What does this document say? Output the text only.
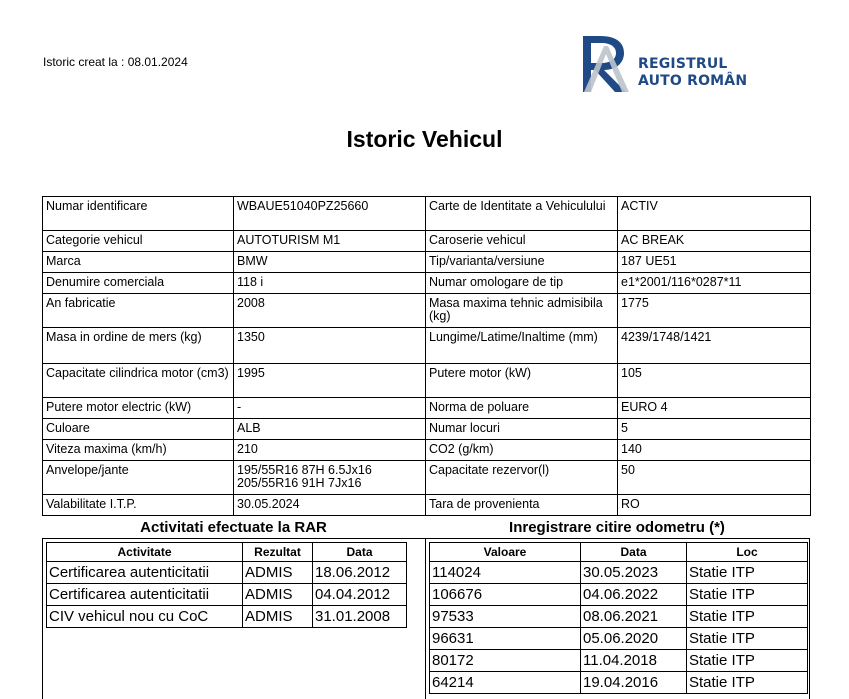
Istoric creat la : 08.01.2024	REGISTRUL
AUTO ROMÂN
Istoric Vehicul
Numar identificare	WBAUE51040PZ25660	Carte de Identitate a Vehiculului	ACTIV
Categorie vehicul	AUTOTURISM M1	Caroserie vehicul	AC BREAK
Marca	BMW	Tip/varianta/versiune	187 UE51
Denumire comerciala	118 i	Numar omologare de tip	e1*2001/116*0287*11
An fabricatie	2008	Masa maxima tehnic admisibila (kg)	1775
Masa in ordine de mers (kg)	1350	Lungime/Latime/Inaltime (mm)	4239/1748/1421
Capacitate cilindrica motor (cm3)	1995	Putere motor (kW)	105
Putere motor electric (kW)	-	Norma de poluare	EURO 4
Culoare	ALB	Numar locuri	5
Viteza maxima (km/h)	210	CO2 (g/km)	140
Anvelope/jante	195/55R16 87H 6.5Jx16 205/55R16 91H 7Jx16	Capacitate rezervor(l)	50
Valabilitate I.T.P.	30.05.2024	Tara de provenienta	RO
Activitati efectuate la RAR	Inregistrare citire odometru (*)
Activitate	Rezultat	Data
Certificarea autenticitatii	ADMIS	18.06.2012
Certificarea autenticitatii	ADMIS	04.04.2012
CIV vehicul nou cu CoC	ADMIS	31.01.2008
Valoare	Data	Loc
114024	30.05.2023	Statie ITP
106676	04.06.2022	Statie ITP
97533	08.06.2021	Statie ITP
96631	05.06.2020	Statie ITP
80172	11.04.2018	Statie ITP
64214	19.04.2016	Statie ITP
